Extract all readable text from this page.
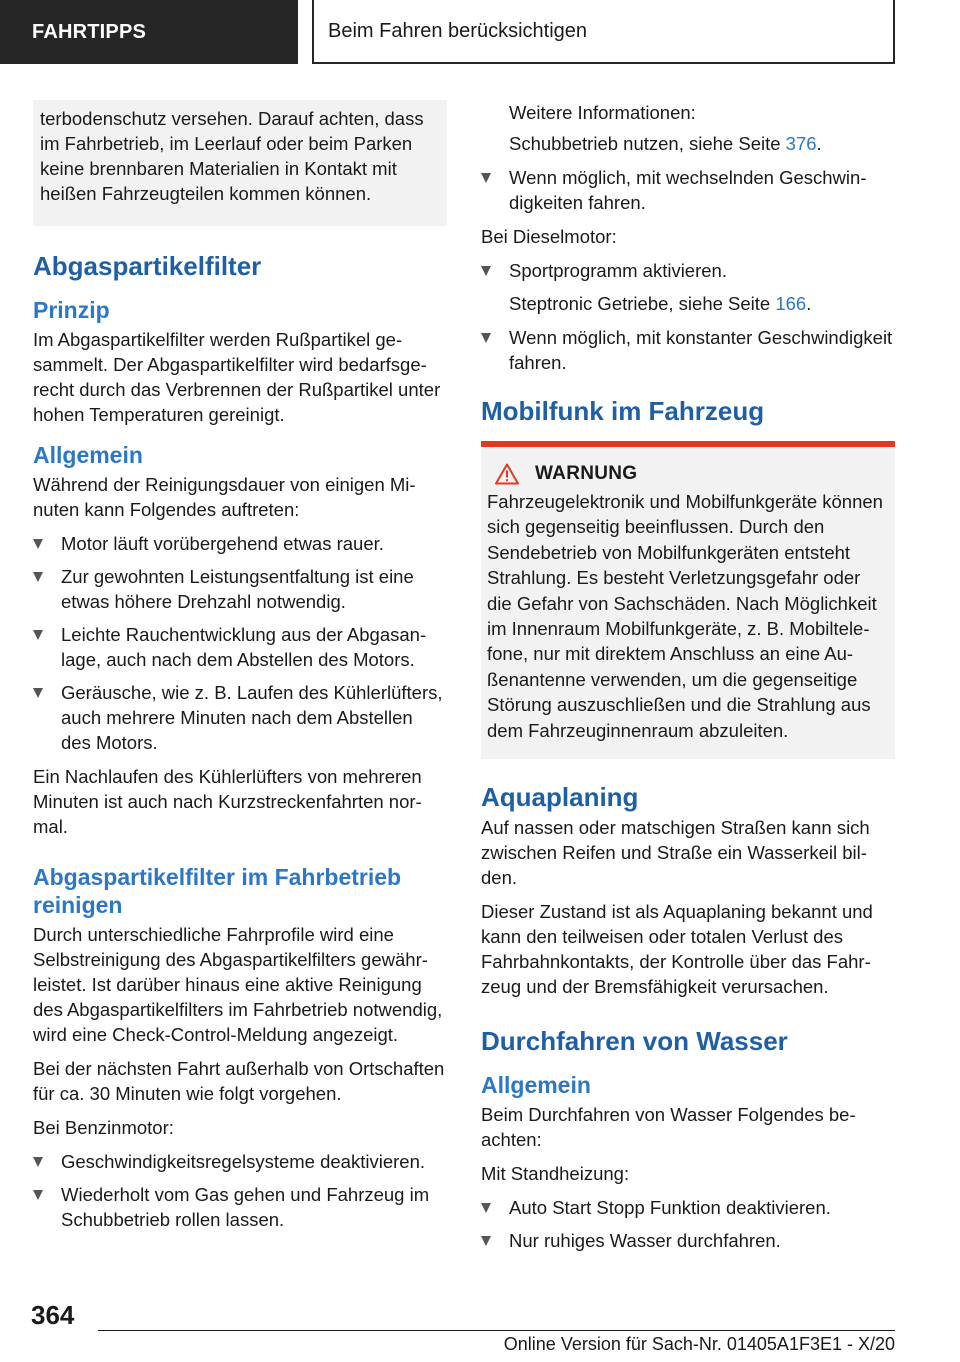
FAHRTIPPS	Beim Fahren berücksichtigen

terbodenschutz versehen. Darauf achten, dass im Fahrbetrieb, im Leerlauf oder beim Parken keine brennbaren Materialien in Kontakt mit heißen Fahrzeugteilen kommen können.

Abgaspartikelfilter
Prinzip

Im Abgaspartikelfilter werden Rußpartikel gesammelt. Der Abgaspartikelfilter wird bedarfsgerecht durch das Verbrennen der Rußpartikel unter hohen Temperaturen gereinigt.

Allgemein

Während der Reinigungsdauer von einigen Minuten kann Folgendes auftreten:

Motor läuft vorübergehend etwas rauer.
Zur gewohnten Leistungsentfaltung ist eine etwas höhere Drehzahl notwendig.
Leichte Rauchentwicklung aus der Abgasanlage, auch nach dem Abstellen des Motors.
Geräusche, wie z. B. Laufen des Kühlerlüfters, auch mehrere Minuten nach dem Abstellen des Motors.

Ein Nachlaufen des Kühlerlüfters von mehreren Minuten ist auch nach Kurzstreckenfahrten normal.

Abgaspartikelfilter im Fahrbetrieb reinigen

Durch unterschiedliche Fahrprofile wird eine Selbstreinigung des Abgaspartikelfilters gewährleistet. Ist darüber hinaus eine aktive Reinigung des Abgaspartikelfilters im Fahrbetrieb notwendig, wird eine Check-Control-Meldung angezeigt.

Bei der nächsten Fahrt außerhalb von Ortschaften für ca. 30 Minuten wie folgt vorgehen.

Bei Benzinmotor:

Geschwindigkeitsregelsysteme deaktivieren.
Wiederholt vom Gas gehen und Fahrzeug im Schubbetrieb rollen lassen.

Weitere Informationen:

Schubbetrieb nutzen, siehe Seite 376.

Wenn möglich, mit wechselnden Geschwindigkeiten fahren.

Bei Dieselmotor:

Sportprogramm aktivieren.

Steptronic Getriebe, siehe Seite 166.

Wenn möglich, mit konstanter Geschwindigkeit fahren.
Mobilfunk im Fahrzeug
WARNUNG

Fahrzeugelektronik und Mobilfunkgeräte können sich gegenseitig beeinflussen. Durch den Sendebetrieb von Mobilfunkgeräten entsteht Strahlung. Es besteht Verletzungsgefahr oder die Gefahr von Sachschäden. Nach Möglichkeit im Innenraum Mobilfunkgeräte, z. B. Mobiltelefone, nur mit direktem Anschluss an eine Außenantenne verwenden, um die gegenseitige Störung auszuschließen und die Strahlung aus dem Fahrzeuginnenraum abzuleiten.

Aquaplaning

Auf nassen oder matschigen Straßen kann sich zwischen Reifen und Straße ein Wasserkeil bilden.

Dieser Zustand ist als Aquaplaning bekannt und kann den teilweisen oder totalen Verlust des Fahrbahnkontakts, der Kontrolle über das Fahrzeug und der Bremsfähigkeit verursachen.

Durchfahren von Wasser
Allgemein

Beim Durchfahren von Wasser Folgendes beachten:

Mit Standheizung:

Auto Start Stopp Funktion deaktivieren.
Nur ruhiges Wasser durchfahren.
364
Online Version für Sach-Nr. 01405A1F3E1 - X/20
